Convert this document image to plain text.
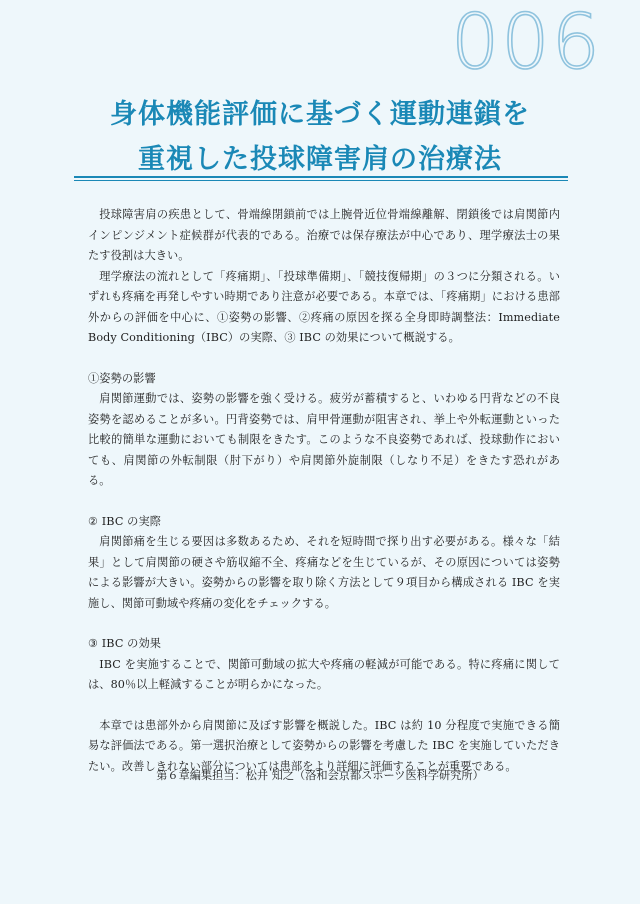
006
身体機能評価に基づく運動連鎖を
重視した投球障害肩の治療法

投球障害肩の疾患として、骨端線閉鎖前では上腕骨近位骨端線離解、閉鎖後では肩関節内インピンジメント症候群が代表的である。治療では保存療法が中心であり、理学療法士の果たす役割は大きい。

理学療法の流れとして「疼痛期」、「投球準備期」、「競技復帰期」の３つに分類される。いずれも疼痛を再発しやすい時期であり注意が必要である。本章では、「疼痛期」における患部外からの評価を中心に、①姿勢の影響、②疼痛の原因を探る全身即時調整法：Immediate Body Conditioning（IBC）の実際、③ IBC の効果について概説する。

①姿勢の影響

肩関節運動では、姿勢の影響を強く受ける。疲労が蓄積すると、いわゆる円背などの不良姿勢を認めることが多い。円背姿勢では、肩甲骨運動が阻害され、挙上や外転運動といった比較的簡単な運動においても制限をきたす。このような不良姿勢であれば、投球動作においても、肩関節の外転制限（肘下がり）や肩関節外旋制限（しなり不足）をきたす恐れがある。

② IBC の実際

肩関節痛を生じる要因は多数あるため、それを短時間で探り出す必要がある。様々な「結果」として肩関節の硬さや筋収縮不全、疼痛などを生じているが、その原因については姿勢による影響が大きい。姿勢からの影響を取り除く方法として９項目から構成される IBC を実施し、関節可動域や疼痛の変化をチェックする。

③ IBC の効果

IBC を実施することで、関節可動域の拡大や疼痛の軽減が可能である。特に疼痛に関しては、80％以上軽減することが明らかになった。

本章では患部外から肩関節に及ぼす影響を概説した。IBC は約 10 分程度で実施できる簡易な評価法である。第一選択治療として姿勢からの影響を考慮した IBC を実施していただきたい。改善しきれない部分については患部をより詳細に評価することが重要である。

第６章編集担当：松井 知之（洛和会京都スポーツ医科学研究所）
